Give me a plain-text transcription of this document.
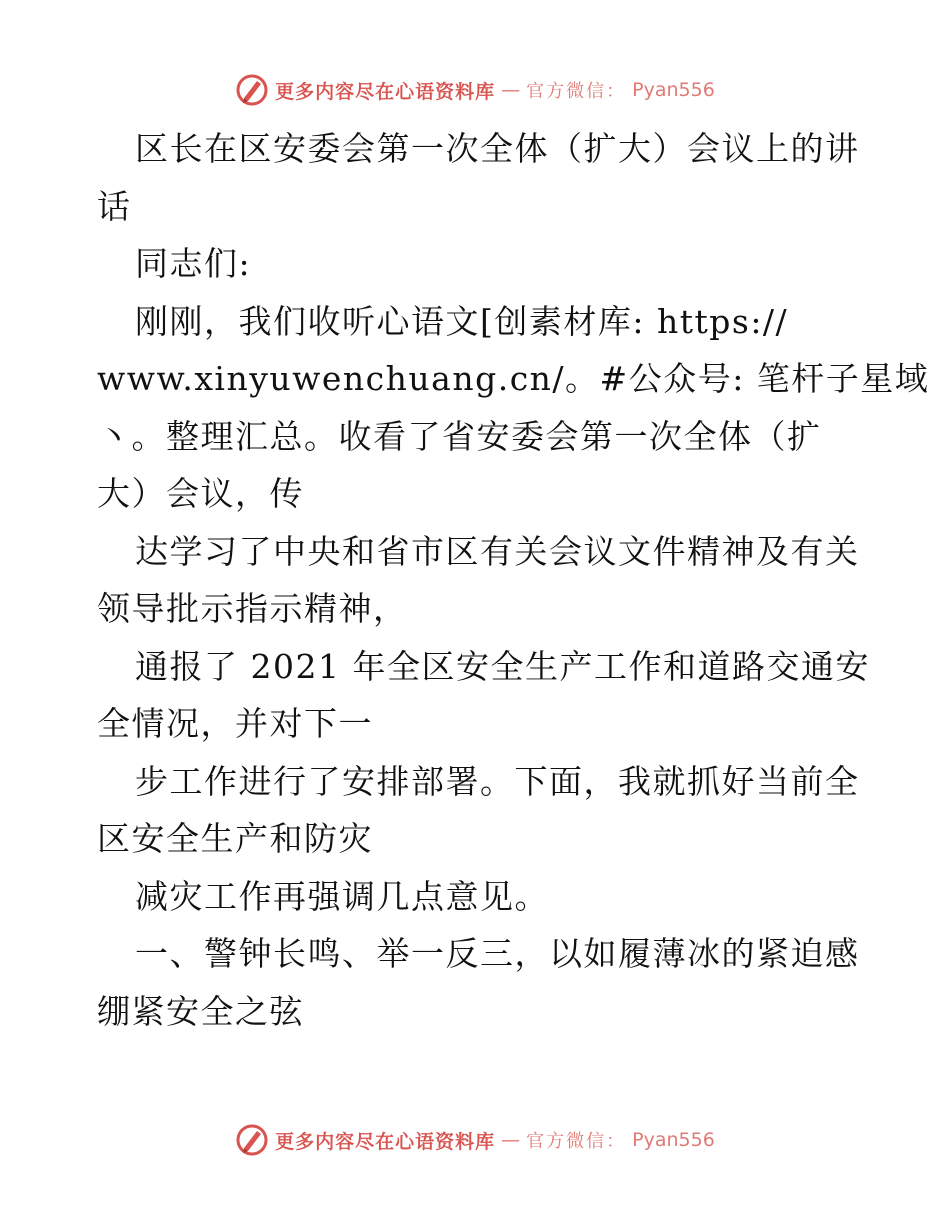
更多内容尽在心语资料库 — 官方微信： Pyan556
区长在区安委会第一次全体（扩大）会议上的讲
话
同志们:
刚刚，我们收听心语文[创素材库: https://
www.xinyuwenchuang.cn/。#公众号: 笔杆子星域
丶。整理汇总。收看了省安委会第一次全体（扩
大）会议，传
达学习了中央和省市区有关会议文件精神及有关
领导批示指示精神，
通报了 2021 年全区安全生产工作和道路交通安
全情况，并对下一
步工作进行了安排部署。下面，我就抓好当前全
区安全生产和防灾
减灾工作再强调几点意见。
一、警钟长鸣、举一反三，以如履薄冰的紧迫感
绷紧安全之弦
更多内容尽在心语资料库 — 官方微信： Pyan556
